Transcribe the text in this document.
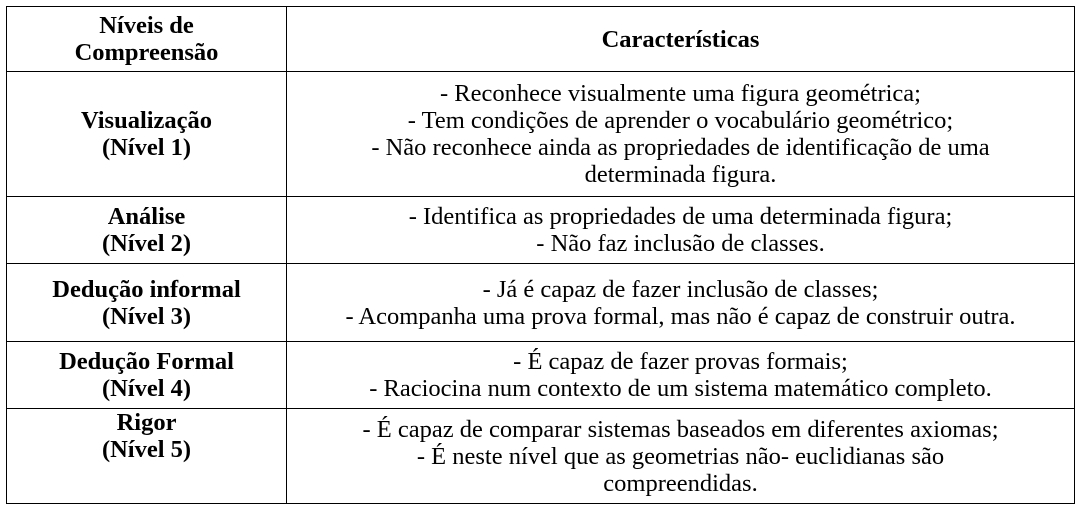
Níveis de
Compreensão	Características

Visualização
(Nível 1)	- Reconhece visualmente uma figura geométrica;
- Tem condições de aprender o vocabulário geométrico;
- Não reconhece ainda as propriedades de identificação de uma
determinada figura.

Análise
(Nível 2)	- Identifica as propriedades de uma determinada figura;
- Não faz inclusão de classes.

Dedução informal
(Nível 3)	- Já é capaz de fazer inclusão de classes;
- Acompanha uma prova formal, mas não é capaz de construir outra.

Dedução Formal
(Nível 4)	- É capaz de fazer provas formais;
- Raciocina num contexto de um sistema matemático completo.

Rigor
(Nível 5)	- É capaz de comparar sistemas baseados em diferentes axiomas;
- É neste nível que as geometrias não- euclidianas são
compreendidas.
